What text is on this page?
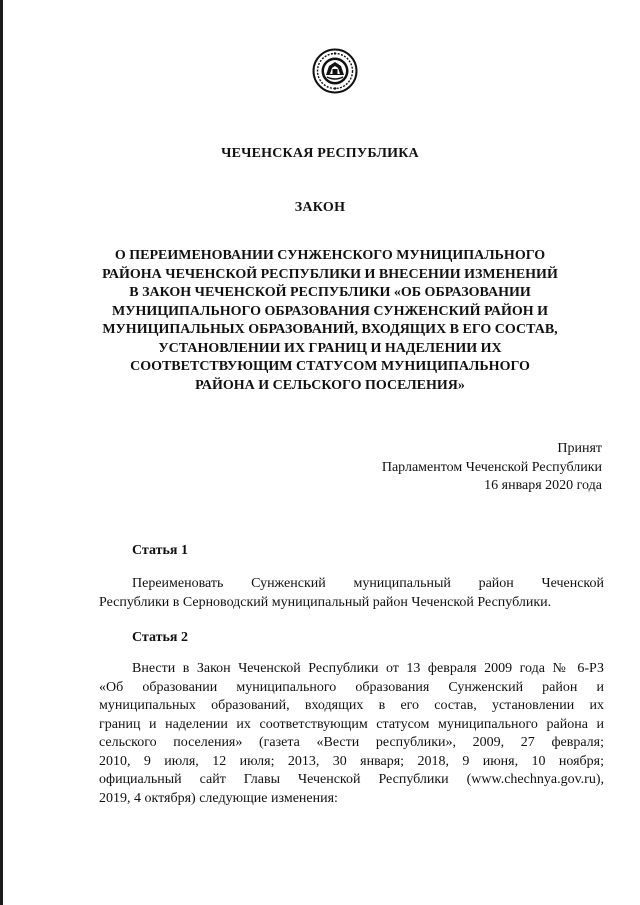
ЧЕЧЕНСКАЯ РЕСПУБЛИКА
ЗАКОН
О ПЕРЕИМЕНОВАНИИ СУНЖЕНСКОГО МУНИЦИПАЛЬНОГО
РАЙОНА ЧЕЧЕНСКОЙ РЕСПУБЛИКИ И ВНЕСЕНИИ ИЗМЕНЕНИЙ
В ЗАКОН ЧЕЧЕНСКОЙ РЕСПУБЛИКИ «ОБ ОБРАЗОВАНИИ
МУНИЦИПАЛЬНОГО ОБРАЗОВАНИЯ СУНЖЕНСКИЙ РАЙОН И
МУНИЦИПАЛЬНЫХ ОБРАЗОВАНИЙ, ВХОДЯЩИХ В ЕГО СОСТАВ,
УСТАНОВЛЕНИИ ИХ ГРАНИЦ И НАДЕЛЕНИИ ИХ
СООТВЕТСТВУЮЩИМ СТАТУСОМ МУНИЦИПАЛЬНОГО
РАЙОНА И СЕЛЬСКОГО ПОСЕЛЕНИЯ»
Принят
Парламентом Чеченской Республики
16 января 2020 года
Статья 1
Переименовать Сунженский муниципальный район Чеченской
Республики в Серноводский муниципальный район Чеченской Республики.
Статья 2
Внести в Закон Чеченской Республики от 13 февраля 2009 года № 6-РЗ
«Об образовании муниципального образования Сунженский район и
муниципальных образований, входящих в его состав, установлении их
границ и наделении их соответствующим статусом муниципального района и
сельского поселения» (газета «Вести республики», 2009, 27 февраля;
2010, 9 июля, 12 июля; 2013, 30 января; 2018, 9 июня, 10 ноября;
официальный сайт Главы Чеченской Республики (www.chechnya.gov.ru),
2019, 4 октября) следующие изменения:
